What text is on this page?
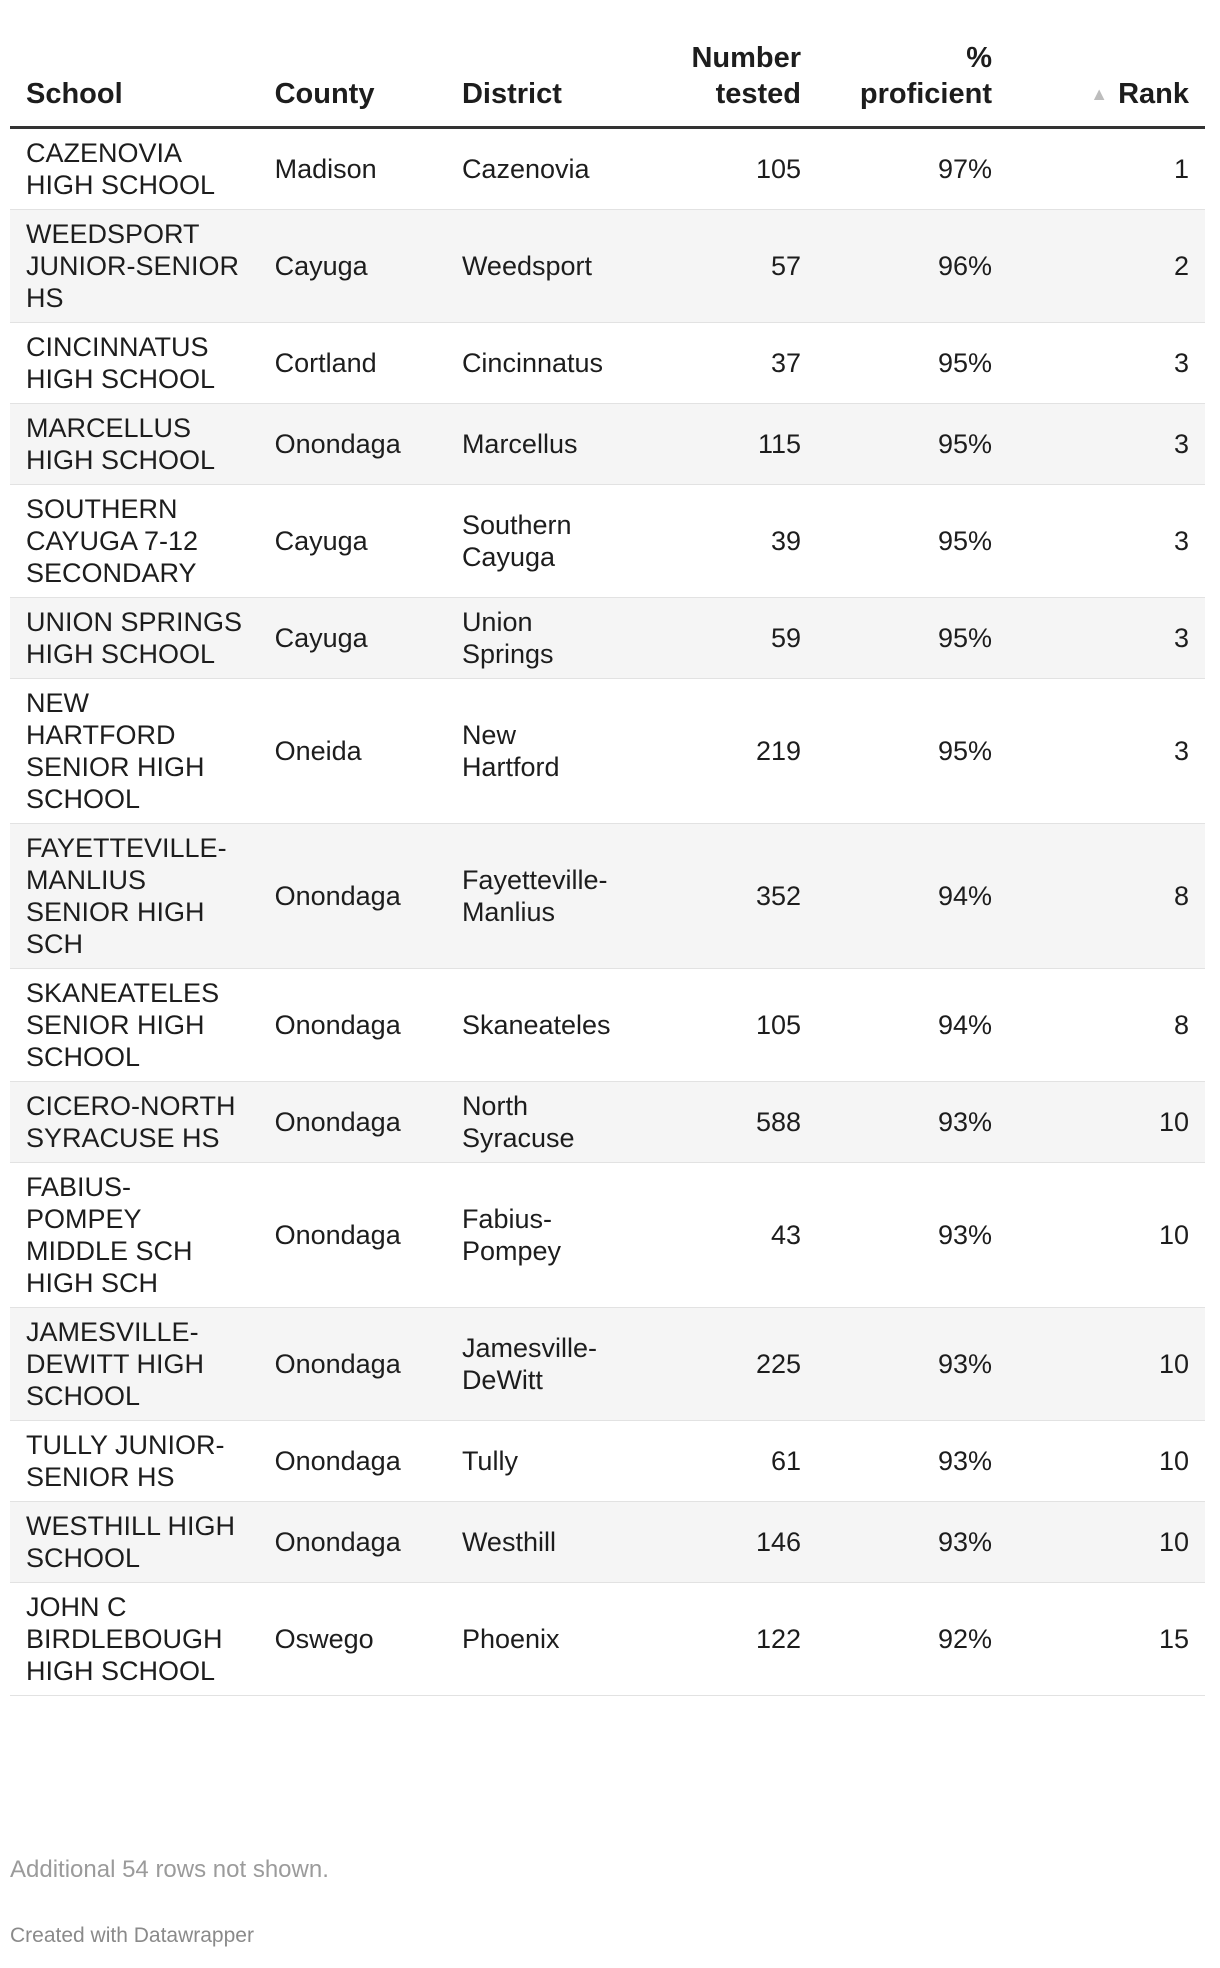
School	County	District	Number tested	% proficient	▲ Rank
CAZENOVIA HIGH SCHOOL	Madison	Cazenovia	105	97%	1
WEEDSPORT JUNIOR-SENIOR HS	Cayuga	Weedsport	57	96%	2
CINCINNATUS HIGH SCHOOL	Cortland	Cincinnatus	37	95%	3
MARCELLUS HIGH SCHOOL	Onondaga	Marcellus	115	95%	3
SOUTHERN CAYUGA 7-12 SECONDARY	Cayuga	Southern Cayuga	39	95%	3
UNION SPRINGS HIGH SCHOOL	Cayuga	Union Springs	59	95%	3
NEW HARTFORD SENIOR HIGH SCHOOL	Oneida	New Hartford	219	95%	3
FAYETTEVILLE-MANLIUS SENIOR HIGH SCH	Onondaga	Fayetteville-Manlius	352	94%	8
SKANEATELES SENIOR HIGH SCHOOL	Onondaga	Skaneateles	105	94%	8
CICERO-NORTH SYRACUSE HS	Onondaga	North Syracuse	588	93%	10
FABIUS-POMPEY MIDDLE SCH HIGH SCH	Onondaga	Fabius-Pompey	43	93%	10
JAMESVILLE-DEWITT HIGH SCHOOL	Onondaga	Jamesville-DeWitt	225	93%	10
TULLY JUNIOR-SENIOR HS	Onondaga	Tully	61	93%	10
WESTHILL HIGH SCHOOL	Onondaga	Westhill	146	93%	10
JOHN C BIRDLEBOUGH HIGH SCHOOL	Oswego	Phoenix	122	92%	15
Additional 54 rows not shown.
Created with Datawrapper
